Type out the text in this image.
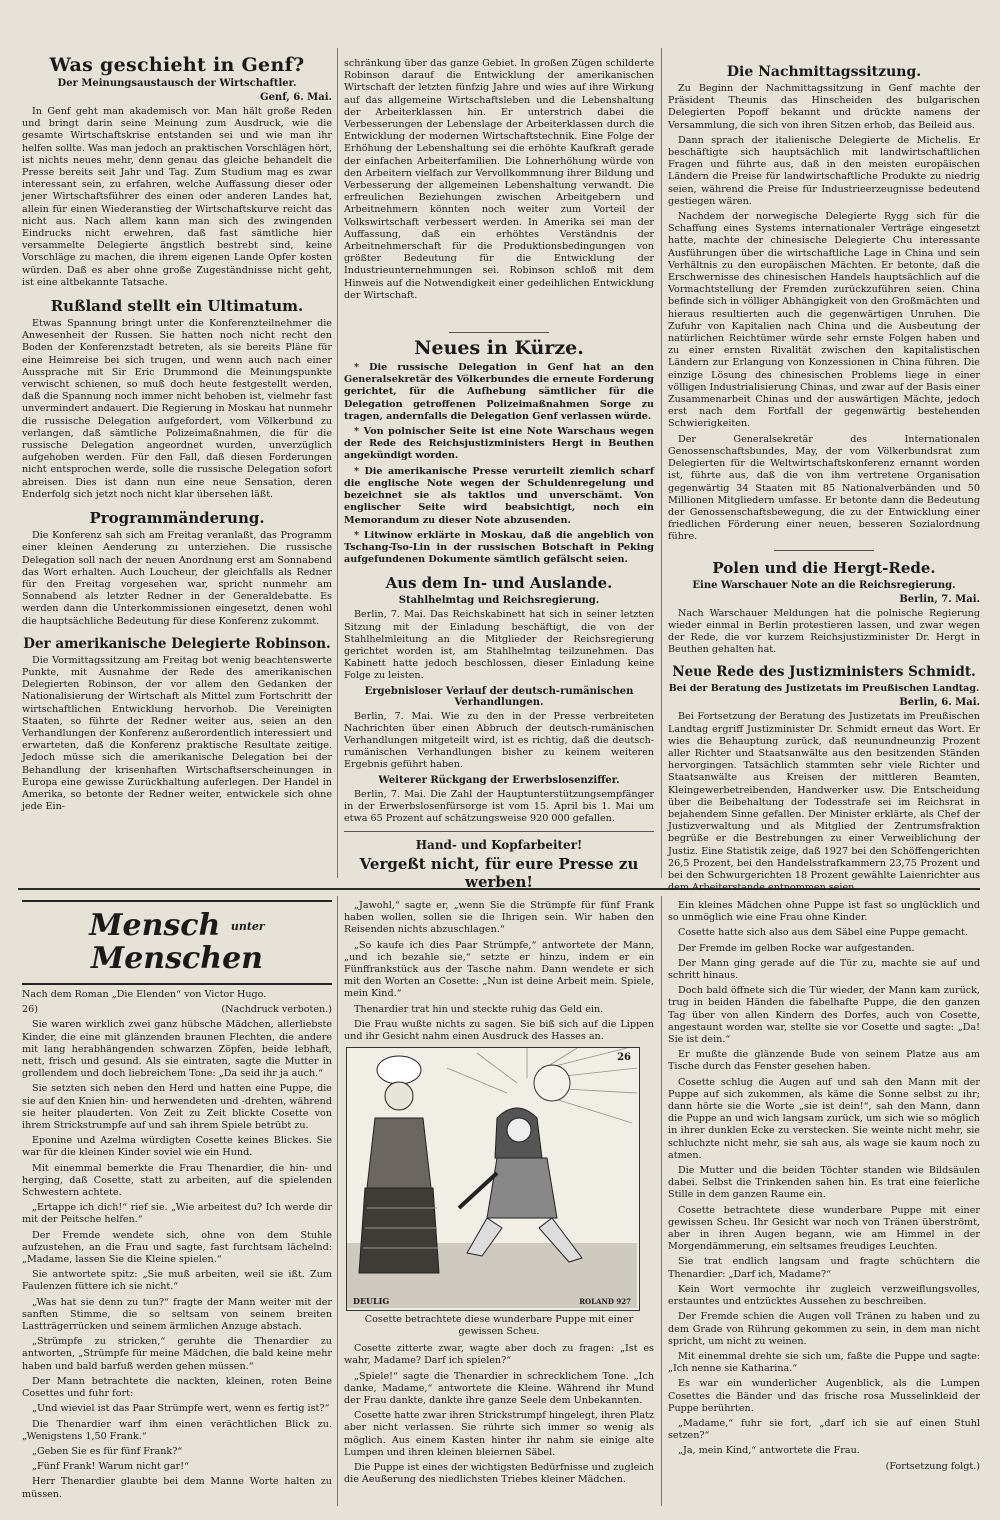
Was geschieht in Genf?
Der Meinungsaustausch der Wirtschaftler.
Genf, 6. Mai.

In Genf geht man akademisch vor. Man hält große Reden und bringt darin seine Meinung zum Ausdruck, wie die gesamte Wirtschaftskrise entstanden sei und wie man ihr helfen sollte. Was man jedoch an praktischen Vorschlägen hört, ist nichts neues mehr, denn genau das gleiche behandelt die Presse bereits seit Jahr und Tag. Zum Studium mag es zwar interessant sein, zu erfahren, welche Auffassung dieser oder jener Wirtschaftsführer des einen oder anderen Landes hat, allein für einen Wiederanstieg der Wirtschaftskurve reicht das nicht aus. Nach allem kann man sich des zwingenden Eindrucks nicht erwehren, daß fast sämtliche hier versammelte Delegierte ängstlich bestrebt sind, keine Vorschläge zu machen, die ihrem eigenen Lande Opfer kosten würden. Daß es aber ohne große Zugeständnisse nicht geht, ist eine altbekannte Tatsache.

Rußland stellt ein Ultimatum.

Etwas Spannung bringt unter die Konferenzteilnehmer die Anwesenheit der Russen. Sie hatten noch nicht recht den Boden der Konferenzstadt betreten, als sie bereits Pläne für eine Heimreise bei sich trugen, und wenn auch nach einer Aussprache mit Sir Eric Drummond die Meinungspunkte verwischt schienen, so muß doch heute festgestellt werden, daß die Spannung noch immer nicht behoben ist, vielmehr fast unvermindert andauert. Die Regierung in Moskau hat nunmehr die russische Delegation aufgefordert, vom Völkerbund zu verlangen, daß sämtliche Polizeimaßnahmen, die für die russische Delegation angeordnet wurden, unverzüglich aufgehoben werden. Für den Fall, daß diesen Forderungen nicht entsprochen werde, solle die russische Delegation sofort abreisen. Dies ist dann nun eine neue Sensation, deren Enderfolg sich jetzt noch nicht klar übersehen läßt.

Programmänderung.

Die Konferenz sah sich am Freitag veranlaßt, das Programm einer kleinen Aenderung zu unterziehen. Die russische Delegation soll nach der neuen Anordnung erst am Sonnabend das Wort erhalten. Auch Loucheur, der gleichfalls als Redner für den Freitag vorgesehen war, spricht nunmehr am Sonnabend als letzter Redner in der Generaldebatte. Es werden dann die Unterkommissionen eingesetzt, denen wohl die hauptsächliche Bedeutung für diese Konferenz zukommt.

Der amerikanische Delegierte Robinson.

Die Vormittagssitzung am Freitag bot wenig beachtenswerte Punkte, mit Ausnahme der Rede des amerikanischen Delegierten Robinson, der vor allem den Gedanken der Nationalisierung der Wirtschaft als Mittel zum Fortschritt der wirtschaftlichen Entwicklung hervorhob. Die Vereinigten Staaten, so führte der Redner weiter aus, seien an den Verhandlungen der Konferenz außerordentlich interessiert und erwarteten, daß die Konferenz praktische Resultate zeitige. Jedoch müsse sich die amerikanische Delegation bei der Behandlung der krisenhaften Wirtschaftserscheinungen in Europa eine gewisse Zurückhaltung auferlegen. Der Handel in Amerika, so betonte der Redner weiter, entwickele sich ohne jede Ein-

schränkung über das ganze Gebiet. In großen Zügen schilderte Robinson darauf die Entwicklung der amerikanischen Wirtschaft der letzten fünfzig Jahre und wies auf ihre Wirkung auf das allgemeine Wirtschaftsleben und die Lebenshaltung der Arbeiterklassen hin. Er unterstrich dabei die Verbesserungen der Lebenslage der Arbeiterklassen durch die Entwicklung der modernen Wirtschaftstechnik. Eine Folge der Erhöhung der Lebenshaltung sei die erhöhte Kaufkraft gerade der einfachen Arbeiterfamilien. Die Lohnerhöhung würde von den Arbeitern vielfach zur Vervollkommnung ihrer Bildung und Verbesserung der allgemeinen Lebenshaltung verwandt. Die erfreulichen Beziehungen zwischen Arbeitgebern und Arbeitnehmern könnten noch weiter zum Vorteil der Volkswirtschaft verbessert werden. In Amerika sei man der Auffassung, daß ein erhöhtes Verständnis der Arbeitnehmerschaft für die Produktionsbedingungen von größter Bedeutung für die Entwicklung der Industrieunternehmungen sei. Robinson schloß mit dem Hinweis auf die Notwendigkeit einer gedeihlichen Entwicklung der Wirtschaft.

Neues in Kürze.

* Die russische Delegation in Genf hat an den Generalsekretär des Völkerbundes die erneute Forderung gerichtet, für die Aufhebung sämtlicher für die Delegation getroffenen Polizeimaßnahmen Sorge zu tragen, andernfalls die Delegation Genf verlassen würde.

* Von polnischer Seite ist eine Note Warschaus wegen der Rede des Reichsjustizministers Hergt in Beuthen angekündigt worden.

* Die amerikanische Presse verurteilt ziemlich scharf die englische Note wegen der Schuldenregelung und bezeichnet sie als taktlos und unverschämt. Von englischer Seite wird beabsichtigt, noch ein Memorandum zu dieser Note abzusenden.

* Litwinow erklärte in Moskau, daß die angeblich von Tschang-Tso-Lin in der russischen Botschaft in Peking aufgefundenen Dokumente sämtlich gefälscht seien.

Aus dem In- und Auslande.
Stahlhelmtag und Reichsregierung.

Berlin, 7. Mai. Das Reichskabinett hat sich in seiner letzten Sitzung mit der Einladung beschäftigt, die von der Stahlhelmleitung an die Mitglieder der Reichsregierung gerichtet worden ist, am Stahlhelmtag teilzunehmen. Das Kabinett hatte jedoch beschlossen, dieser Einladung keine Folge zu leisten.

Ergebnisloser Verlauf der deutsch-rumänischen Verhandlungen.

Berlin, 7. Mai. Wie zu den in der Presse verbreiteten Nachrichten über einen Abbruch der deutsch-rumänischen Verhandlungen mitgeteilt wird, ist es richtig, daß die deutsch-rumänischen Verhandlungen bisher zu keinem weiteren Ergebnis geführt haben.

Weiterer Rückgang der Erwerbslosenziffer.

Berlin, 7. Mai. Die Zahl der Hauptunterstützungsempfänger in der Erwerbslosenfürsorge ist vom 15. April bis 1. Mai um etwa 65 Prozent auf schätzungsweise 920 000 gefallen.

Hand- und Kopfarbeiter!
Vergeßt nicht, für eure Presse zu werben!
Die Nachmittagssitzung.

Zu Beginn der Nachmittagssitzung in Genf machte der Präsident Theunis das Hinscheiden des bulgarischen Delegierten Popoff bekannt und drückte namens der Versammlung, die sich von ihren Sitzen erhob, das Beileid aus.

Dann sprach der italienische Delegierte de Michelis. Er beschäftigte sich hauptsächlich mit landwirtschaftlichen Fragen und führte aus, daß in den meisten europäischen Ländern die Preise für landwirtschaftliche Produkte zu niedrig seien, während die Preise für Industrieerzeugnisse bedeutend gestiegen wären.

Nachdem der norwegische Delegierte Rygg sich für die Schaffung eines Systems internationaler Verträge eingesetzt hatte, machte der chinesische Delegierte Chu interessante Ausführungen über die wirtschaftliche Lage in China und sein Verhältnis zu den europäischen Mächten. Er betonte, daß die Erschwernisse des chinesischen Handels hauptsächlich auf die Vormachtstellung der Fremden zurückzuführen seien. China befinde sich in völliger Abhängigkeit von den Großmächten und hieraus resultierten auch die gegenwärtigen Unruhen. Die Zufuhr von Kapitalien nach China und die Ausbeutung der natürlichen Reichtümer würde sehr ernste Folgen haben und zu einer ernsten Rivalität zwischen den kapitalistischen Ländern zur Erlangung von Konzessionen in China führen. Die einzige Lösung des chinesischen Problems liege in einer völligen Industrialisierung Chinas, und zwar auf der Basis einer Zusammenarbeit Chinas und der auswärtigen Mächte, jedoch erst nach dem Fortfall der gegenwärtig bestehenden Schwierigkeiten.

Der Generalsekretär des Internationalen Genossenschaftsbundes, May, der vom Völkerbundsrat zum Delegierten für die Weltwirtschaftskonferenz ernannt worden ist, führte aus, daß die von ihm vertretene Organisation gegenwärtig 34 Staaten mit 85 Nationalverbänden und 50 Millionen Mitgliedern umfasse. Er betonte dann die Bedeutung der Genossenschaftsbewegung, die zu der Entwicklung einer friedlichen Förderung einer neuen, besseren Sozialordnung führe.

Polen und die Hergt-Rede.
Eine Warschauer Note an die Reichsregierung.
Berlin, 7. Mai.

Nach Warschauer Meldungen hat die polnische Regierung wieder einmal in Berlin protestieren lassen, und zwar wegen der Rede, die vor kurzem Reichsjustizminister Dr. Hergt in Beuthen gehalten hat.

Neue Rede des Justizministers Schmidt.
Bei der Beratung des Justizetats im Preußischen Landtag.
Berlin, 6. Mai.

Bei Fortsetzung der Beratung des Justizetats im Preußischen Landtag ergriff Justizminister Dr. Schmidt erneut das Wort. Er wies die Behauptung zurück, daß neunundneunzig Prozent aller Richter und Staatsanwälte aus den besitzenden Ständen hervorgingen. Tatsächlich stammten sehr viele Richter und Staatsanwälte aus Kreisen der mittleren Beamten, Kleingewerbetreibenden, Handwerker usw. Die Entscheidung über die Beibehaltung der Todesstrafe sei im Reichsrat in bejahendem Sinne gefallen. Der Minister erklärte, als Chef der Justizverwaltung und als Mitglied der Zentrumsfraktion begrüße er die Bestrebungen zu einer Verweiblichung der Justiz. Eine Statistik zeige, daß 1927 bei den Schöffengerichten 26,5 Prozent, bei den Handelsstrafkammern 23,75 Prozent und bei den Schwurgerichten 18 Prozent gewählte Laienrichter aus dem Arbeiterstande entnommen seien.

Mensch unter Menschen

Nach dem Roman „Die Elenden“ von Victor Hugo.

26)	(Nachdruck verboten.)

Sie waren wirklich zwei ganz hübsche Mädchen, allerliebste Kinder, die eine mit glänzenden braunen Flechten, die andere mit lang herabhängenden schwarzen Zöpfen, beide lebhaft, nett, frisch und gesund. Als sie eintraten, sagte die Mutter in grollendem und doch liebreichem Tone: „Da seid ihr ja auch.“

Sie setzten sich neben den Herd und hatten eine Puppe, die sie auf den Knien hin- und herwendeten und -drehten, während sie heiter plauderten. Von Zeit zu Zeit blickte Cosette von ihrem Strickstrumpfe auf und sah ihrem Spiele betrübt zu.

Eponine und Azelma würdigten Cosette keines Blickes. Sie war für die kleinen Kinder soviel wie ein Hund.

Mit einemmal bemerkte die Frau Thenardier, die hin- und herging, daß Cosette, statt zu arbeiten, auf die spielenden Schwestern achtete.

„Ertappe ich dich!“ rief sie. „Wie arbeitest du? Ich werde dir mit der Peitsche helfen.“

Der Fremde wendete sich, ohne von dem Stuhle aufzustehen, an die Frau und sagte, fast furchtsam lächelnd: „Madame, lassen Sie die Kleine spielen.“

Sie antwortete spitz: „Sie muß arbeiten, weil sie ißt. Zum Faulenzen füttere ich sie nicht.“

„Was hat sie denn zu tun?“ fragte der Mann weiter mit der sanften Stimme, die so seltsam von seinem breiten Lastträgerrücken und seinem ärmlichen Anzuge abstach.

„Strümpfe zu stricken,“ geruhte die Thenardier zu antworten, „Strümpfe für meine Mädchen, die bald keine mehr haben und bald barfuß werden gehen müssen.“

Der Mann betrachtete die nackten, kleinen, roten Beine Cosettes und fuhr fort:

„Und wieviel ist das Paar Strümpfe wert, wenn es fertig ist?“

Die Thenardier warf ihm einen verächtlichen Blick zu. „Wenigstens 1,50 Frank.“

„Geben Sie es für fünf Frank?“

„Fünf Frank! Warum nicht gar!“

Herr Thenardier glaubte bei dem Manne Worte halten zu müssen.

„Jawohl,“ sagte er, „wenn Sie die Strümpfe für fünf Frank haben wollen, sollen sie die Ihrigen sein. Wir haben den Reisenden nichts abzuschlagen.“

„So kaufe ich dies Paar Strümpfe,“ antwortete der Mann, „und ich bezahle sie,“ setzte er hinzu, indem er ein Fünffrankstück aus der Tasche nahm. Dann wendete er sich mit den Worten an Cosette: „Nun ist deine Arbeit mein. Spiele, mein Kind.“

Thenardier trat hin und steckte ruhig das Geld ein.

Die Frau wußte nichts zu sagen. Sie biß sich auf die Lippen und ihr Gesicht nahm einen Ausdruck des Hasses an.

26
DEULIG	ROLAND 927
Cosette betrachtete diese wunderbare Puppe mit einer gewissen Scheu.

Cosette zitterte zwar, wagte aber doch zu fragen: „Ist es wahr, Madame? Darf ich spielen?“

„Spiele!“ sagte die Thenardier in schrecklichem Tone. „Ich danke, Madame,“ antwortete die Kleine. Während ihr Mund der Frau dankte, dankte ihre ganze Seele dem Unbekannten.

Cosette hatte zwar ihren Strickstrumpf hingelegt, ihren Platz aber nicht verlassen. Sie rührte sich immer so wenig als möglich. Aus einem Kasten hinter ihr nahm sie einige alte Lumpen und ihren kleinen bleiernen Säbel.

Die Puppe ist eines der wichtigsten Bedürfnisse und zugleich die Aeußerung des niedlichsten Triebes kleiner Mädchen.

Ein kleines Mädchen ohne Puppe ist fast so unglücklich und so unmöglich wie eine Frau ohne Kinder.

Cosette hatte sich also aus dem Säbel eine Puppe gemacht.

Der Fremde im gelben Rocke war aufgestanden.

Der Mann ging gerade auf die Tür zu, machte sie auf und schritt hinaus.

Doch bald öffnete sich die Tür wieder, der Mann kam zurück, trug in beiden Händen die fabelhafte Puppe, die den ganzen Tag über von allen Kindern des Dorfes, auch von Cosette, angestaunt worden war, stellte sie vor Cosette und sagte: „Da! Sie ist dein.“

Er mußte die glänzende Bude von seinem Platze aus am Tische durch das Fenster gesehen haben.

Cosette schlug die Augen auf und sah den Mann mit der Puppe auf sich zukommen, als käme die Sonne selbst zu ihr; dann hörte sie die Worte „sie ist dein!“, sah den Mann, dann die Puppe an und wich langsam zurück, um sich wie so möglich in ihrer dunklen Ecke zu verstecken. Sie weinte nicht mehr, sie schluchzte nicht mehr, sie sah aus, als wage sie kaum noch zu atmen.

Die Mutter und die beiden Töchter standen wie Bildsäulen dabei. Selbst die Trinkenden sahen hin. Es trat eine feierliche Stille in dem ganzen Raume ein.

Cosette betrachtete diese wunderbare Puppe mit einer gewissen Scheu. Ihr Gesicht war noch von Tränen überströmt, aber in ihren Augen begann, wie am Himmel in der Morgendämmerung, ein seltsames freudiges Leuchten.

Sie trat endlich langsam und fragte schüchtern die Thenardier: „Darf ich, Madame?“

Kein Wort vermochte ihr zugleich verzweiflungsvolles, erstauntes und entzücktes Aussehen zu beschreiben.

Der Fremde schien die Augen voll Tränen zu haben und zu dem Grade von Rührung gekommen zu sein, in dem man nicht spricht, um nicht zu weinen.

Mit einemmal drehte sie sich um, faßte die Puppe und sagte: „Ich nenne sie Katharina.“

Es war ein wunderlicher Augenblick, als die Lumpen Cosettes die Bänder und das frische rosa Musselinkleid der Puppe berührten.

„Madame,“ fuhr sie fort, „darf ich sie auf einen Stuhl setzen?“

„Ja, mein Kind,“ antwortete die Frau.

(Fortsetzung folgt.)
